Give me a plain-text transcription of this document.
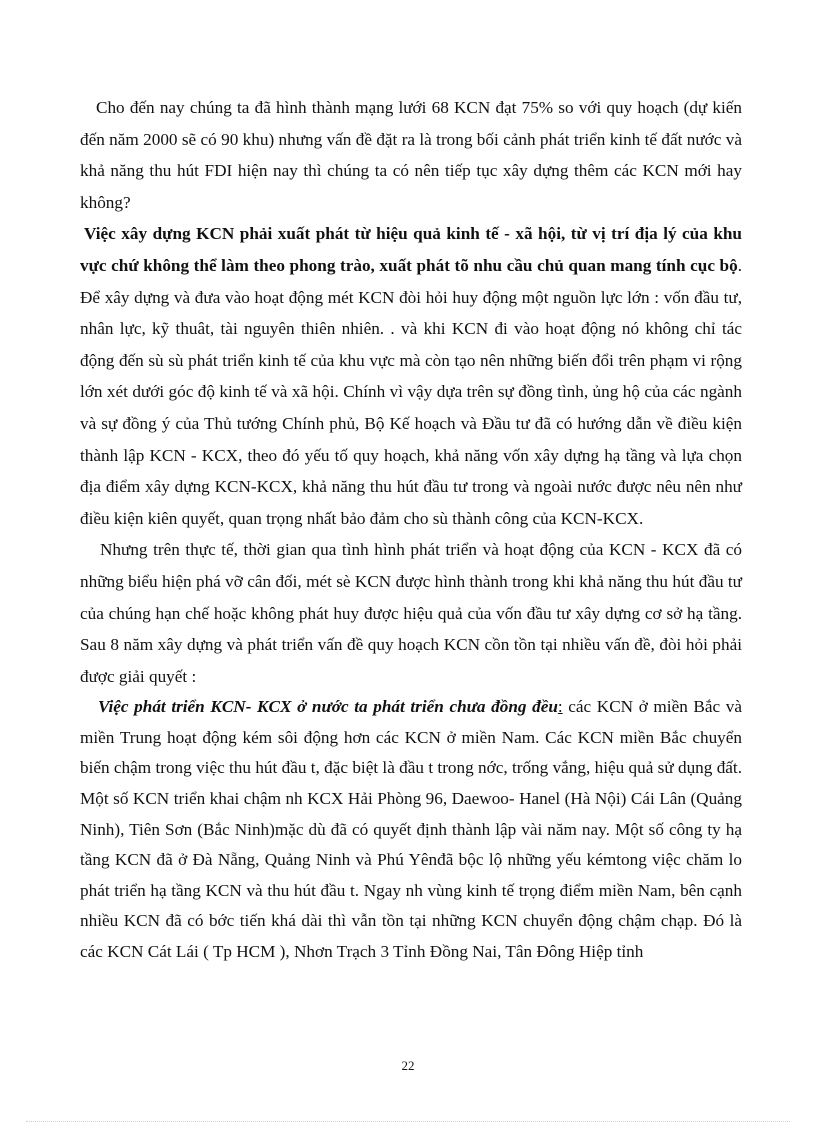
Cho đến nay chúng ta đã hình thành mạng lưới 68 KCN đạt 75% so với quy hoạch (dự kiến đến năm 2000 sẽ có 90 khu) nhưng vấn đề đặt ra là trong bối cảnh phát triển kinh tế đất nước và khả năng thu hút FDI hiện nay thì chúng ta có nên tiếp tục xây dựng thêm các KCN mới hay không?

Việc xây dựng KCN phải xuất phát từ hiệu quả kinh tế - xã hội, từ vị trí địa lý của khu vực chứ không thể làm theo phong trào, xuất phát tõ nhu cầu chủ quan mang tính cục bộ. Để xây dựng và đưa vào hoạt động mét KCN đòi hỏi huy động một nguồn lực lớn : vốn đầu tư, nhân lực, kỹ thuât, tài nguyên thiên nhiên. . và khi KCN đi vào hoạt động nó không chỉ tác động đến sù sù phát triển kinh tế của khu vực mà còn tạo nên những biến đổi trên phạm vi rộng lớn xét dưới góc độ kinh tế và xã hội. Chính vì vậy dựa trên sự đồng tình, ủng hộ của các ngành và sự đồng ý của Thủ tướng Chính phủ, Bộ Kế hoạch và Đầu tư đã có hướng dẫn về điều kiện thành lập KCN - KCX, theo đó yếu tố quy hoạch, khả năng vốn xây dựng hạ tầng và lựa chọn địa điểm xây dựng KCN-KCX, khả năng thu hút đầu tư trong và ngoài nước được nêu nên như điều kiện kiên quyết, quan trọng nhất bảo đảm cho sù thành công của KCN-KCX.

Nhưng trên thực tế, thời gian qua tình hình phát triển và hoạt động của KCN - KCX đã có những biểu hiện phá vỡ cân đối, mét sè KCN được hình thành trong khi khả năng thu hút đầu tư của chúng hạn chế hoặc không phát huy được hiệu quả của vốn đầu tư xây dựng cơ sở hạ tầng. Sau 8 năm xây dựng và phát triển vấn đề quy hoạch KCN cồn tồn tại nhiều vấn đề, đòi hỏi phải được giải quyết :

Việc phát triển KCN- KCX ở nước ta phát triển chưa đồng đều: các KCN ở miền Bắc và miền Trung hoạt động kém sôi động hơn các KCN ở miền Nam. Các KCN miền Bắc chuyển biến chậm trong việc thu hút đầu t, đặc biệt là đầu t trong nớc, trống vắng, hiệu quả sử dụng đất. Một số KCN triển khai chậm nh KCX Hải Phòng 96, Daewoo- Hanel (Hà Nội) Cái Lân (Quảng Ninh), Tiên Sơn (Bắc Ninh)mặc dù đã có quyết định thành lập vài năm nay. Một số công ty hạ tầng KCN đã ở Đà Nẵng, Quảng Ninh và Phú Yênđã bộc lộ những yếu kémtong việc chăm lo phát triển hạ tầng KCN và thu hút đầu t. Ngay nh vùng kinh tế trọng điểm miền Nam, bên cạnh nhiều KCN đã có bớc tiến khá dài thì vẫn tồn tại những KCN chuyển động chậm chạp. Đó là các KCN Cát Lái ( Tp HCM ), Nhơn Trạch 3 Tỉnh Đồng Nai, Tân Đông Hiệp tỉnh

22
